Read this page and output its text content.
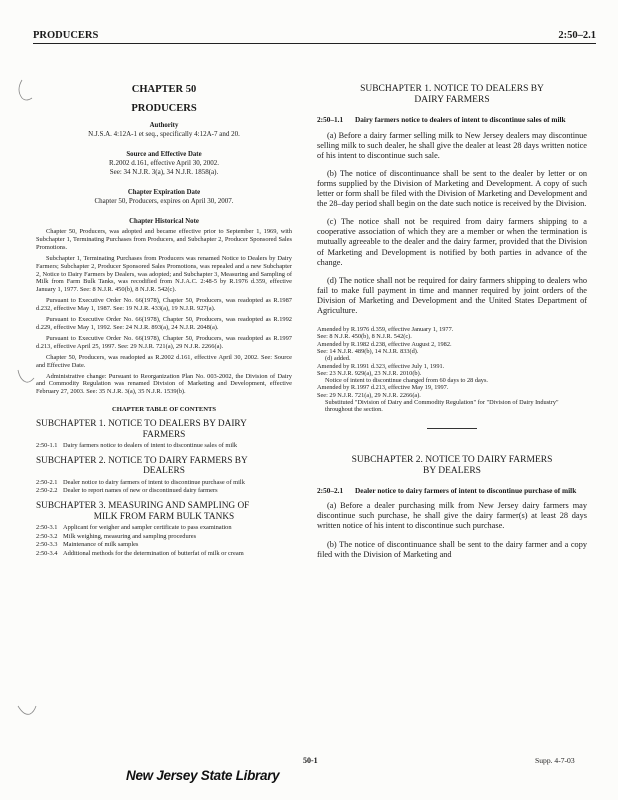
PRODUCERS	2:50–2.1

CHAPTER 50

PRODUCERS

Authority

N.J.S.A. 4:12A-1 et seq., specifically 4:12A-7 and 20.

Source and Effective Date

R.2002 d.161, effective April 30, 2002.

See: 34 N.J.R. 3(a), 34 N.J.R. 1858(a).

Chapter Expiration Date

Chapter 50, Producers, expires on April 30, 2007.

Chapter Historical Note

Chapter 50, Producers, was adopted and became effective prior to September 1, 1969, with Subchapter 1, Terminating Purchases from Producers, and Subchapter 2, Producer Sponsored Sales Promotions.

Subchapter 1, Terminating Purchases from Producers was renamed Notice to Dealers by Dairy Farmers; Subchapter 2, Producer Sponsored Sales Promotions, was repealed and a new Subchapter 2, Notice to Dairy Farmers by Dealers, was adopted; and Subchapter 3, Measuring and Sampling of Milk from Farm Bulk Tanks, was recodified from N.J.A.C. 2:48-5 by R.1976 d.359, effective January 1, 1977. See: 8 N.J.R. 450(b), 8 N.J.R. 542(c).

Pursuant to Executive Order No. 66(1978), Chapter 50, Producers, was readopted as R.1987 d.232, effective May 1, 1987. See: 19 N.J.R. 433(a), 19 N.J.R. 927(a).

Pursuant to Executive Order No. 66(1978), Chapter 50, Producers, was readopted as R.1992 d.229, effective May 1, 1992. See: 24 N.J.R. 893(a), 24 N.J.R. 2048(a).

Pursuant to Executive Order No. 66(1978), Chapter 50, Producers, was readopted as R.1997 d.213, effective April 25, 1997. See: 29 N.J.R. 721(a), 29 N.J.R. 2266(a).

Chapter 50, Producers, was readopted as R.2002 d.161, effective April 30, 2002. See: Source and Effective Date.

Administrative change: Pursuant to Reorganization Plan No. 003-2002, the Division of Dairy and Commodity Regulation was renamed Division of Marketing and Development, effective February 27, 2003. See: 35 N.J.R. 3(a), 35 N.J.R. 1539(b).

CHAPTER TABLE OF CONTENTS

SUBCHAPTER 1. NOTICE TO DEALERS BY DAIRY
FARMERS
2:50-1.1 Dairy farmers notice to dealers of intent to discontinue sales of milk
SUBCHAPTER 2. NOTICE TO DAIRY FARMERS BY
DEALERS
2:50-2.1 Dealer notice to dairy farmers of intent to discontinue purchase of milk
2:50-2.2 Dealer to report names of new or discontinued dairy farmers
SUBCHAPTER 3. MEASURING AND SAMPLING OF
MILK FROM FARM BULK TANKS
2:50-3.1 Applicant for weigher and sampler certificate to pass examination
2:50-3.2 Milk weighing, measuring and sampling procedures
2:50-3.3 Maintenance of milk samples
2:50-3.4 Additional methods for the determination of butterfat of milk or cream

SUBCHAPTER 1. NOTICE TO DEALERS BY
DAIRY FARMERS

2:50–1.1	Dairy farmers notice to dealers of intent to discontinue sales of milk

(a) Before a dairy farmer selling milk to New Jersey dealers may discontinue selling milk to such dealer, he shall give the dealer at least 28 days written notice of his intent to discontinue such sale.

(b) The notice of discontinuance shall be sent to the dealer by letter or on forms supplied by the Division of Marketing and Development. A copy of such letter or form shall be filed with the Division of Marketing and Development and the 28–day period shall begin on the date such notice is received by the Division.

(c) The notice shall not be required from dairy farmers shipping to a cooperative association of which they are a member or when the termination is mutually agreeable to the dealer and the dairy farmer, provided that the Division of Marketing and Development is notified by both parties in advance of the change.

(d) The notice shall not be required for dairy farmers shipping to dealers who fail to make full payment in time and manner required by joint orders of the Division of Marketing and Development and the United States Department of Agriculture.

Amended by R.1976 d.359, effective January 1, 1977.

See: 8 N.J.R. 450(b), 8 N.J.R. 542(c).

Amended by R.1982 d.238, effective August 2, 1982.

See: 14 N.J.R. 489(b), 14 N.J.R. 833(d).

(d) added.

Amended by R.1991 d.323, effective July 1, 1991.

See: 23 N.J.R. 929(a), 23 N.J.R. 2010(b).

Notice of intent to discontinue changed from 60 days to 28 days.

Amended by R.1997 d.213, effective May 19, 1997.

See: 29 N.J.R. 721(a), 29 N.J.R. 2266(a).

Substituted "Division of Dairy and Commodity Regulation" for "Division of Dairy Industry" throughout the section.

SUBCHAPTER 2. NOTICE TO DAIRY FARMERS
BY DEALERS

2:50–2.1	Dealer notice to dairy farmers of intent to discontinue purchase of milk

(a) Before a dealer purchasing milk from New Jersey dairy farmers may discontinue such purchase, he shall give the dairy farmer(s) at least 28 days written notice of his intent to discontinue such purchase.

(b) The notice of discontinuance shall be sent to the dairy farmer and a copy filed with the Division of Marketing and

50-1	Supp. 4-7-03
New Jersey State Library
